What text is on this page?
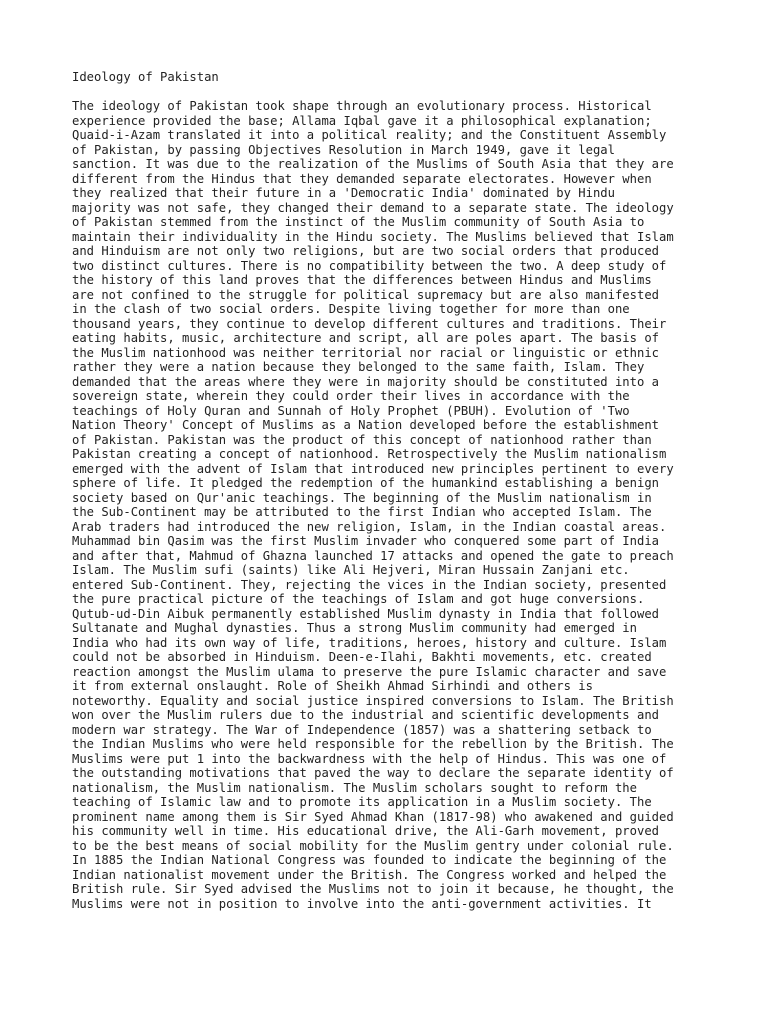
Ideology of Pakistan
The ideology of Pakistan took shape through an evolutionary process. Historical
experience provided the base; Allama Iqbal gave it a philosophical explanation;
Quaid-i-Azam translated it into a political reality; and the Constituent Assembly
of Pakistan, by passing Objectives Resolution in March 1949, gave it legal
sanction. It was due to the realization of the Muslims of South Asia that they are
different from the Hindus that they demanded separate electorates. However when
they realized that their future in a 'Democratic India' dominated by Hindu
majority was not safe, they changed their demand to a separate state. The ideology
of Pakistan stemmed from the instinct of the Muslim community of South Asia to
maintain their individuality in the Hindu society. The Muslims believed that Islam
and Hinduism are not only two religions, but are two social orders that produced
two distinct cultures. There is no compatibility between the two. A deep study of
the history of this land proves that the differences between Hindus and Muslims
are not confined to the struggle for political supremacy but are also manifested
in the clash of two social orders. Despite living together for more than one
thousand years, they continue to develop different cultures and traditions. Their
eating habits, music, architecture and script, all are poles apart. The basis of
the Muslim nationhood was neither territorial nor racial or linguistic or ethnic
rather they were a nation because they belonged to the same faith, Islam. They
demanded that the areas where they were in majority should be constituted into a
sovereign state, wherein they could order their lives in accordance with the
teachings of Holy Quran and Sunnah of Holy Prophet (PBUH). Evolution of 'Two
Nation Theory' Concept of Muslims as a Nation developed before the establishment
of Pakistan. Pakistan was the product of this concept of nationhood rather than
Pakistan creating a concept of nationhood. Retrospectively the Muslim nationalism
emerged with the advent of Islam that introduced new principles pertinent to every
sphere of life. It pledged the redemption of the humankind establishing a benign
society based on Qur'anic teachings. The beginning of the Muslim nationalism in
the Sub-Continent may be attributed to the first Indian who accepted Islam. The
Arab traders had introduced the new religion, Islam, in the Indian coastal areas.
Muhammad bin Qasim was the first Muslim invader who conquered some part of India
and after that, Mahmud of Ghazna launched 17 attacks and opened the gate to preach
Islam. The Muslim sufi (saints) like Ali Hejveri, Miran Hussain Zanjani etc.
entered Sub-Continent. They, rejecting the vices in the Indian society, presented
the pure practical picture of the teachings of Islam and got huge conversions.
Qutub-ud-Din Aibuk permanently established Muslim dynasty in India that followed
Sultanate and Mughal dynasties. Thus a strong Muslim community had emerged in
India who had its own way of life, traditions, heroes, history and culture. Islam
could not be absorbed in Hinduism. Deen-e-Ilahi, Bakhti movements, etc. created
reaction amongst the Muslim ulama to preserve the pure Islamic character and save
it from external onslaught. Role of Sheikh Ahmad Sirhindi and others is
noteworthy. Equality and social justice inspired conversions to Islam. The British
won over the Muslim rulers due to the industrial and scientific developments and
modern war strategy. The War of Independence (1857) was a shattering setback to
the Indian Muslims who were held responsible for the rebellion by the British. The
Muslims were put 1 into the backwardness with the help of Hindus. This was one of
the outstanding motivations that paved the way to declare the separate identity of
nationalism, the Muslim nationalism. The Muslim scholars sought to reform the
teaching of Islamic law and to promote its application in a Muslim society. The
prominent name among them is Sir Syed Ahmad Khan (1817-98) who awakened and guided
his community well in time. His educational drive, the Ali-Garh movement, proved
to be the best means of social mobility for the Muslim gentry under colonial rule.
In 1885 the Indian National Congress was founded to indicate the beginning of the
Indian nationalist movement under the British. The Congress worked and helped the
British rule. Sir Syed advised the Muslims not to join it because, he thought, the
Muslims were not in position to involve into the anti-government activities. It
